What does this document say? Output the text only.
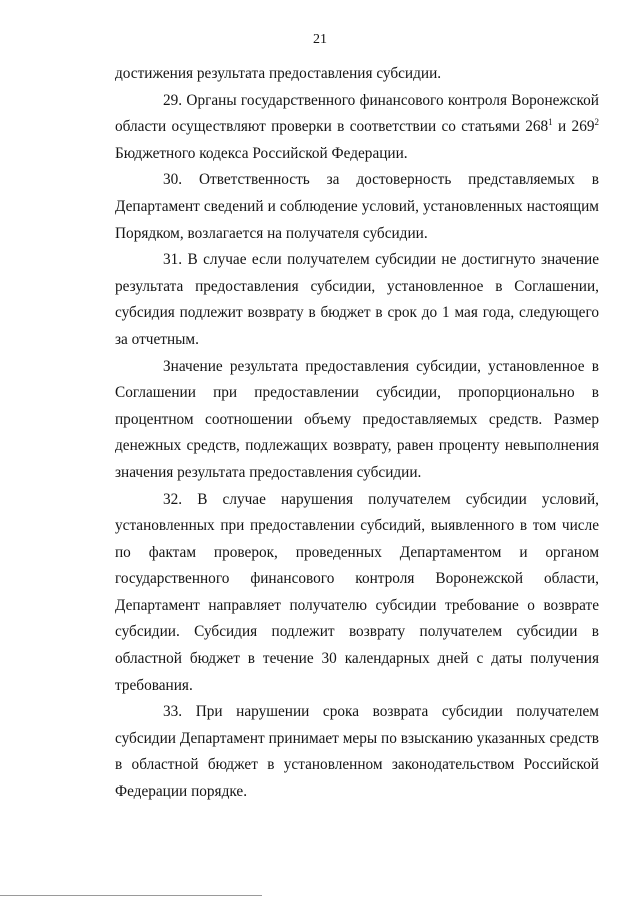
21

достижения результата предоставления субсидии.

29. Органы государственного финансового контроля Воронежской области осуществляют проверки в соответствии со статьями $268^1$ и $269^2$ Бюджетного кодекса Российской Федерации.

30. Ответственность за достоверность представляемых в Департамент сведений и соблюдение условий, установленных настоящим Порядком, возлагается на получателя субсидии.

31. В случае если получателем субсидии не достигнуто значение результата предоставления субсидии, установленное в Соглашении, субсидия подлежит возврату в бюджет в срок до 1 мая года, следующего за отчетным.

Значение результата предоставления субсидии, установленное в Соглашении при предоставлении субсидии, пропорционально в процентном соотношении объему предоставляемых средств. Размер денежных средств, подлежащих возврату, равен проценту невыполнения значения результата предоставления субсидии.

32. В случае нарушения получателем субсидии условий, установленных при предоставлении субсидий, выявленного в том числе по фактам проверок, проведенных Департаментом и органом государственного финансового контроля Воронежской области, Департамент направляет получателю субсидии требование о возврате субсидии. Субсидия подлежит возврату получателем субсидии в областной бюджет в течение 30 календарных дней с даты получения требования.

33. При нарушении срока возврата субсидии получателем субсидии Департамент принимает меры по взысканию указанных средств в областной бюджет в установленном законодательством Российской Федерации порядке.
